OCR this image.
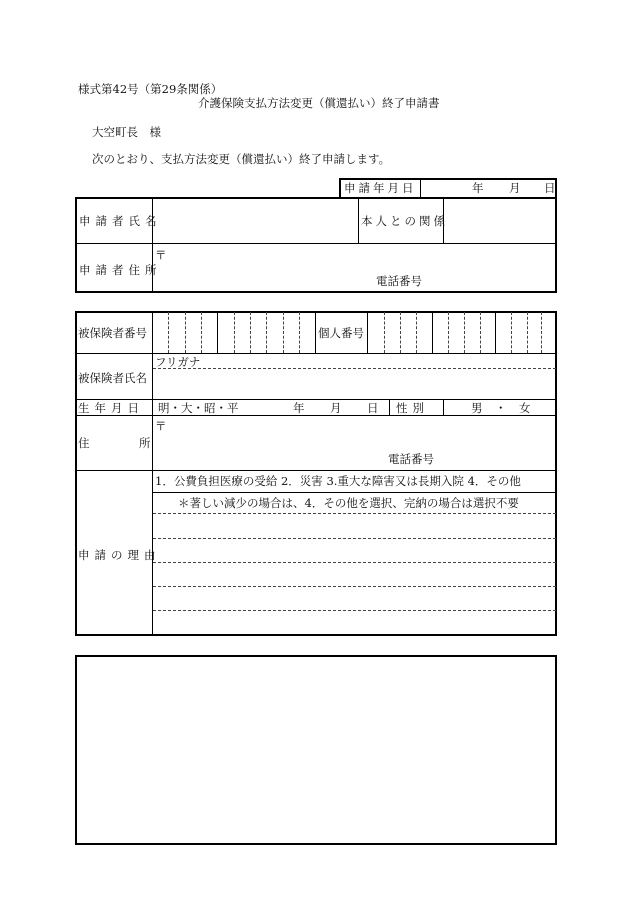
様式第42号（第29条関係）
介護保険支払方法変更（償還払い）終了申請書
大空町長　様
次のとおり、支払方法変更（償還払い）終了申請します。
申請年月日	年 月 日
申請者氏名	本人との関係
申請者住所
〒
電話番号
被保険者番号	個人番号
フリガナ
被保険者氏名
生年月日 明・大・昭・平	年 月 日 性別	男 ・ 女
住	所
〒
電話番号
申請の理由
1．公費負担医療の受給 2．災害 3.重大な障害又は長期入院 4．その他
＊著しい減少の場合は、4．その他を選択、完納の場合は選択不要
